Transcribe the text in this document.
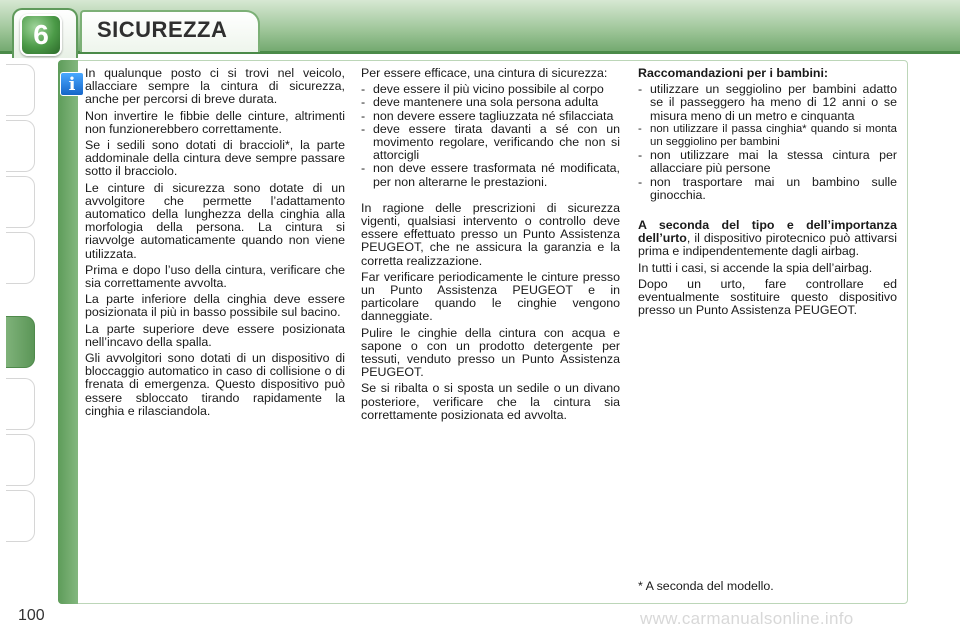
6	SICUREZZA
i

In qualunque posto ci si trovi nel veicolo, allacciare sempre la cintura di sicurezza, anche per percorsi di breve durata.

Non invertire le fibbie delle cinture, altrimenti non funzionerebbero correttamente.

Se i sedili sono dotati di braccioli*, la parte addominale della cintura deve sempre passare sotto il bracciolo.

Le cinture di sicurezza sono dotate di un avvolgitore che permette l’adattamento automatico della lunghezza della cinghia alla morfologia della persona. La cintura si riavvolge automaticamente quando non viene utilizzata.

Prima e dopo l’uso della cintura, verificare che sia correttamente avvolta.

La parte inferiore della cinghia deve essere posizionata il più in basso possibile sul bacino.

La parte superiore deve essere posizionata nell’incavo della spalla.

Gli avvolgitori sono dotati di un dispositivo di bloccaggio automatico in caso di collisione o di frenata di emergenza. Questo dispositivo può essere sbloccato tirando rapidamente la cinghia e rilasciandola.

Per essere efficace, una cintura di sicurezza:

- deve essere il più vicino possibile al corpo
- deve mantenere una sola persona adulta
- non devere essere tagliuzzata né sfilacciata
- deve essere tirata davanti a sé con un movimento regolare, verificando che non si attorcigli
- non deve essere trasformata né modificata, per non alterarne le prestazioni.

In ragione delle prescrizioni di sicurezza vigenti, qualsiasi intervento o controllo deve essere effettuato presso un Punto Assistenza PEUGEOT, che ne assicura la garanzia e la corretta realizzazione.

Far verificare periodicamente le cinture presso un Punto Assistenza PEUGEOT e in particolare quando le cinghie vengono danneggiate.

Pulire le cinghie della cintura con acqua e sapone o con un prodotto detergente per tessuti, venduto presso un Punto Assistenza PEUGEOT.

Se si ribalta o si sposta un sedile o un divano posteriore, verificare che la cintura sia correttamente posizionata ed avvolta.

Raccomandazioni per i bambini:

- utilizzare un seggiolino per bambini adatto se il passeggero ha meno di 12 anni o se misura meno di un metro e cinquanta
- non utilizzare il passa cinghia* quando si monta un seggiolino per bambini
- non utilizzare mai la stessa cintura per allacciare più persone
- non trasportare mai un bambino sulle ginocchia.

A seconda del tipo e dell’importanza dell’urto, il dispositivo pirotecnico può attivarsi prima e indipendentemente dagli airbag.

In tutti i casi, si accende la spia dell’airbag.

Dopo un urto, fare controllare ed eventualmente sostituire questo dispositivo presso un Punto Assistenza PEUGEOT.

* A seconda del modello.
100	www.carmanualsonline.info
